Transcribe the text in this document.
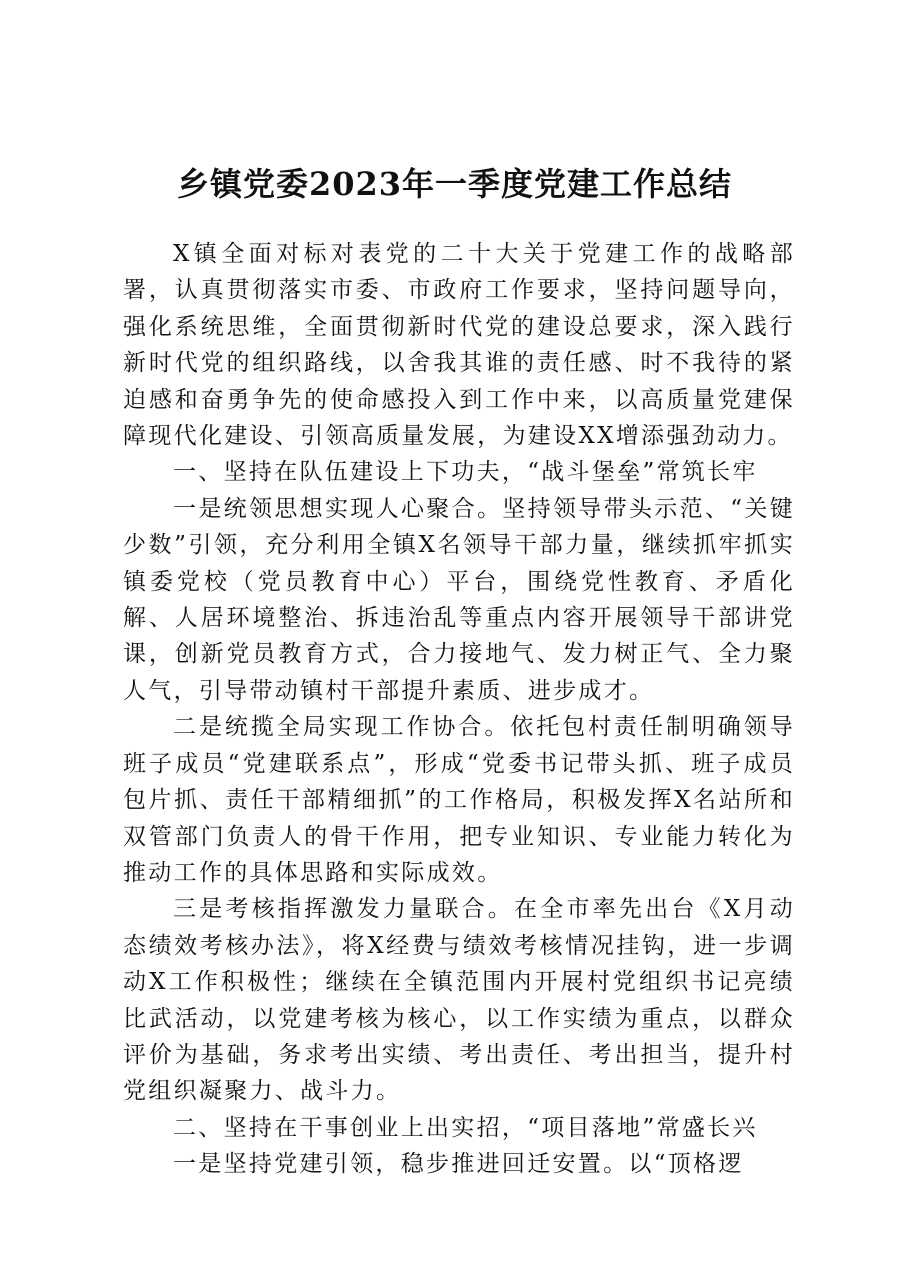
乡镇党委2023年一季度党建工作总结

X镇全面对标对表党的二十大关于党建工作的战略部署，认真贯彻落实市委、市政府工作要求，坚持问题导向，强化系统思维，全面贯彻新时代党的建设总要求，深入践行新时代党的组织路线，以舍我其谁的责任感、时不我待的紧迫感和奋勇争先的使命感投入到工作中来，以高质量党建保障现代化建设、引领高质量发展，为建设XX增添强劲动力。

一、坚持在队伍建设上下功夫，“战斗堡垒”常筑长牢

一是统领思想实现人心聚合。坚持领导带头示范、“关键少数”引领，充分利用全镇X名领导干部力量，继续抓牢抓实镇委党校（党员教育中心）平台，围绕党性教育、矛盾化解、人居环境整治、拆违治乱等重点内容开展领导干部讲党课，创新党员教育方式，合力接地气、发力树正气、全力聚人气，引导带动镇村干部提升素质、进步成才。

二是统揽全局实现工作协合。依托包村责任制明确领导班子成员“党建联系点”，形成“党委书记带头抓、班子成员包片抓、责任干部精细抓”的工作格局，积极发挥X名站所和双管部门负责人的骨干作用，把专业知识、专业能力转化为推动工作的具体思路和实际成效。

三是考核指挥激发力量联合。在全市率先出台《X月动态绩效考核办法》，将X经费与绩效考核情况挂钩，进一步调动X工作积极性；继续在全镇范围内开展村党组织书记亮绩比武活动，以党建考核为核心，以工作实绩为重点，以群众评价为基础，务求考出实绩、考出责任、考出担当，提升村党组织凝聚力、战斗力。

二、坚持在干事创业上出实招，“项目落地”常盛长兴

一是坚持党建引领，稳步推进回迁安置。以“顶格逻
